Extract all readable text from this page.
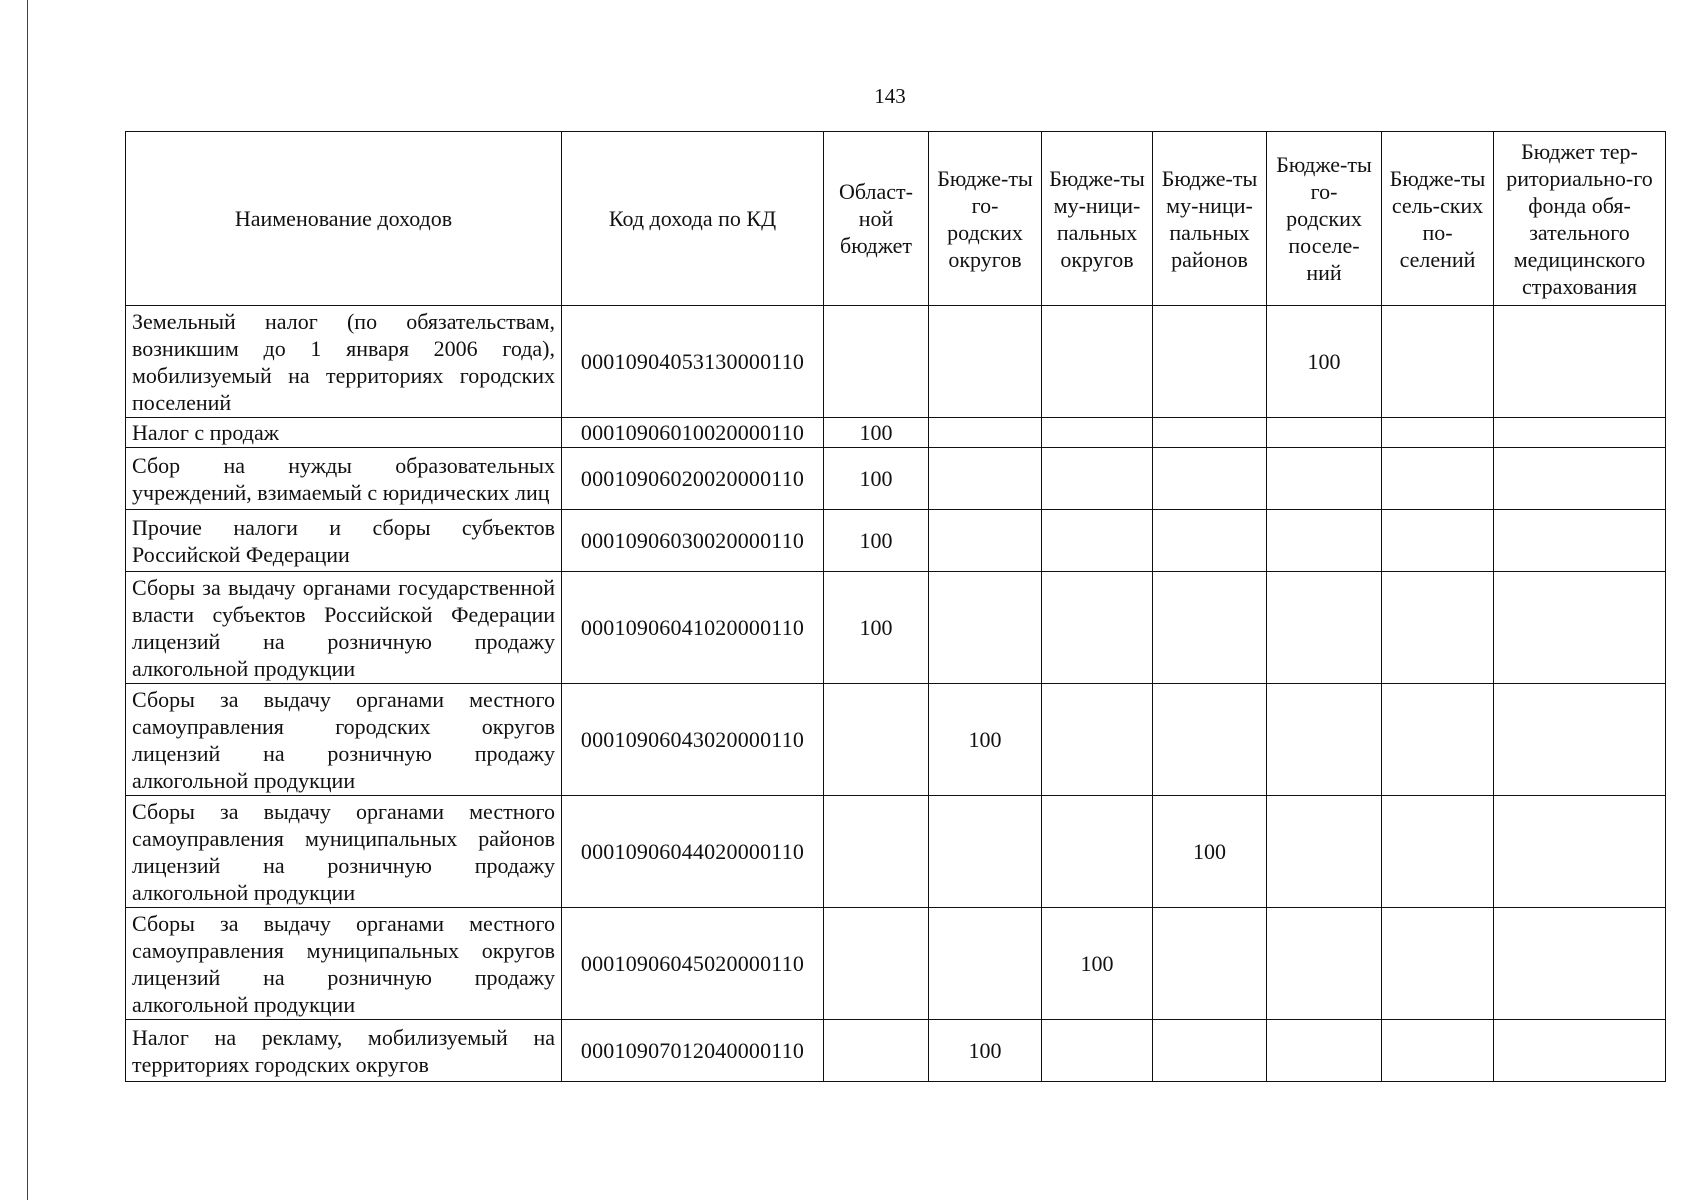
143
Наименование доходов	Код дохода по КД	Област-ной бюджет	Бюдже-ты го-родских округов	Бюдже-ты му-ници-пальных округов	Бюдже-ты му-ници-пальных районов	Бюдже-ты го-родских поселе-ний	Бюдже-ты сель-ских по-селений	Бюджет тер-риториально-го фонда обя-зательного медицинского страхования
Земельный налог (по обязательствам, возникшим до 1 января 2006 года), мобилизуемый на территориях городских поселений	00010904053130000110					100		
Налог с продаж	00010906010020000110	100						
Сбор на нужды образовательных учреждений, взимаемый с юридических лиц	00010906020020000110	100						
Прочие налоги и сборы субъектов Российской Федерации	00010906030020000110	100						
Сборы за выдачу органами государственной власти субъектов Российской Федерации лицензий на розничную продажу алкогольной продукции	00010906041020000110	100						
Сборы за выдачу органами местного самоуправления городских округов лицензий на розничную продажу алкогольной продукции	00010906043020000110		100					
Сборы за выдачу органами местного самоуправления муниципальных районов лицензий на розничную продажу алкогольной продукции	00010906044020000110				100			
Сборы за выдачу органами местного самоуправления муниципальных округов лицензий на розничную продажу алкогольной продукции	00010906045020000110			100				
Налог на рекламу, мобилизуемый на территориях городских округов	00010907012040000110		100					
